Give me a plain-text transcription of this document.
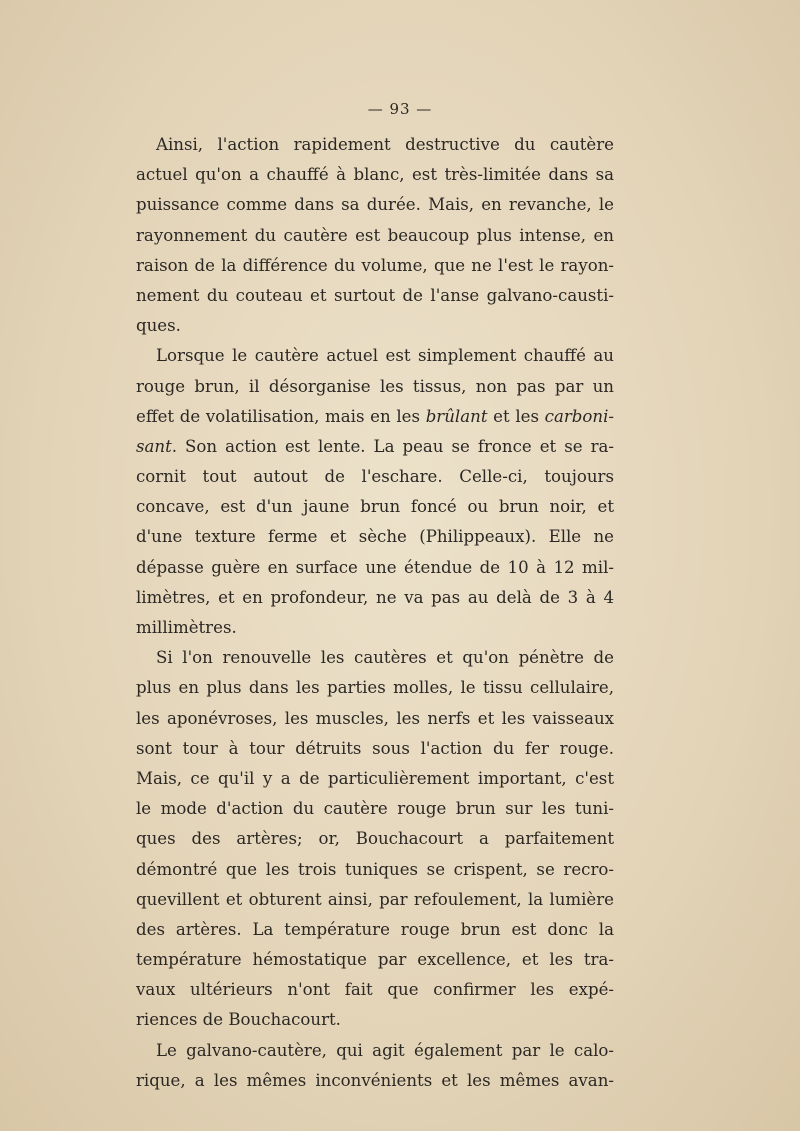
— 93 —
Ainsi, l'action rapidement destructive du cautère
actuel qu'on a chauffé à blanc, est très-limitée dans sa
puissance comme dans sa durée. Mais, en revanche, le
rayonnement du cautère est beaucoup plus intense, en
raison de la différence du volume, que ne l'est le rayon-
nement du couteau et surtout de l'anse galvano-causti-
ques.
Lorsque le cautère actuel est simplement chauffé au
rouge brun, il désorganise les tissus, non pas par un
effet de volatilisation, mais en les brûlant et les carboni-
sant. Son action est lente. La peau se fronce et se ra-
cornit tout autout de l'eschare. Celle-ci, toujours
concave, est d'un jaune brun foncé ou brun noir, et
d'une texture ferme et sèche (Philippeaux). Elle ne
dépasse guère en surface une étendue de 10 à 12 mil-
limètres, et en profondeur, ne va pas au delà de 3 à 4
millimètres.
Si l'on renouvelle les cautères et qu'on pénètre de
plus en plus dans les parties molles, le tissu cellulaire,
les aponévroses, les muscles, les nerfs et les vaisseaux
sont tour à tour détruits sous l'action du fer rouge.
Mais, ce qu'il y a de particulièrement important, c'est
le mode d'action du cautère rouge brun sur les tuni-
ques des artères; or, Bouchacourt a parfaitement
démontré que les trois tuniques se crispent, se recro-
quevillent et obturent ainsi, par refoulement, la lumière
des artères. La température rouge brun est donc la
température hémostatique par excellence, et les tra-
vaux ultérieurs n'ont fait que confirmer les expé-
riences de Bouchacourt.
Le galvano-cautère, qui agit également par le calo-
rique, a les mêmes inconvénients et les mêmes avan-
